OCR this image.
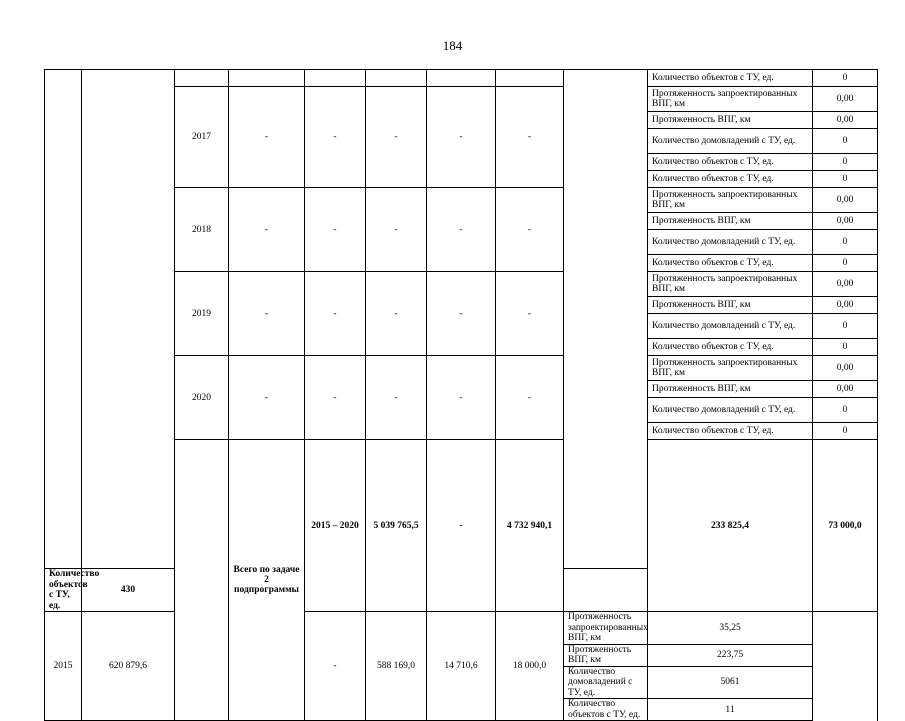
184
									Количество объектов с ТУ, ед.	0	
		2017	-	-	-	-	-		Протяженность запроектированных ВПГ, км	0,00	
									Протяженность ВПГ, км	0,00	
									Количество домовладений с ТУ, ед.	0	
									Количество объектов с ТУ, ед.	0	
									Количество объектов с ТУ, ед.	0	
		2018	-	-	-	-	-		Протяженность запроектированных ВПГ, км	0,00	
									Протяженность ВПГ, км	0,00	
									Количество домовладений с ТУ, ед.	0	
									Количество объектов с ТУ, ед.	0	
		2019	-	-	-	-	-		Протяженность запроектированных ВПГ, км	0,00	
									Протяженность ВПГ, км	0,00	
									Количество домовладений с ТУ, ед.	0	
									Количество объектов с ТУ, ед.	0	
		2020	-	-	-	-	-		Протяженность запроектированных ВПГ, км	0,00	
									Протяженность ВПГ, км	0,00	
									Количество домовладений с ТУ, ед.	0	
									Количество объектов с ТУ, ед.	0	
			Всего по задаче 2 подпрограммы	2015 – 2020	5 039 765,5	-	4 732 940,1		233 825,4	73 000,0			

Количество объектов с ТУ, ед.	430										
2015	620 879,6			-	588 169,0	14 710,6	18 000,0	Протяженность запроектированных ВПГ, км	35,25		
								Протяженность ВПГ, км	223,75		
								Количество домовладений с ТУ, ед.	5061		
								Количество объектов с ТУ, ед.	11		
